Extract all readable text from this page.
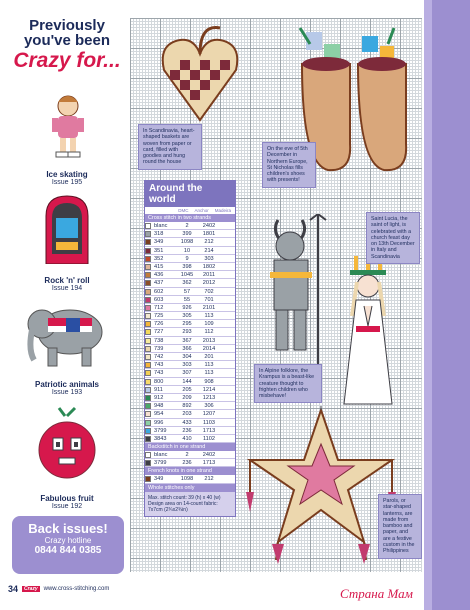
Previously
you've been
Crazy for...
Ice skating
Issue 195
Rock 'n' roll
Issue 194
Patriotic animals
Issue 193
Fabulous fruit
Issue 192
Back issues!
Crazy hotline
0844 844 0385
In Scandinavia, heart-shaped baskets are woven from paper or card, filled with goodies and hung round the house
On the eve of 5th December in Northern Europe, St Nicholas fills children's shoes with presents!
Saint Lucia, the saint of light, is celebrated with a church feast day on 13th December in Italy and Scandinavia
In Alpine folklore, the Krampus is a beast-like creature thought to frighten children who misbehave!
Parols, or star-shaped lanterns, are made from bamboo and paper, and are a festive custom in the Philippines
Around the world
DMC Anchor Madeira
Cross stitch in two strands
blanc	2	2402
318	399	1801
349	1098	212
351	10	214
352	9	303
415	398	1802
436	1045	2011
437	362	2012
602	57	702
603	55	701
712	926	2101
725	305	113
726	295	109
727	293	112
738	367	2013
739	366	2014
742	304	201
743	303	113
743	307	113
800	144	908
911	205	1214
912	209	1213
948	892	306
954	203	1207
996	433	1103
3799	236	1713
3843	410	1102
Backstitch in one strand
blanc	2	2402
3799	236	1713
French knots in one strand
349	1098	212
Whole stitches only
Max. stitch count: 39 (h) x 40 (w) Design area on 14-count fabric: 7x7cm (2¾x2¾in)
34	Crazy	www.cross-stitching.com	Страна Мам
